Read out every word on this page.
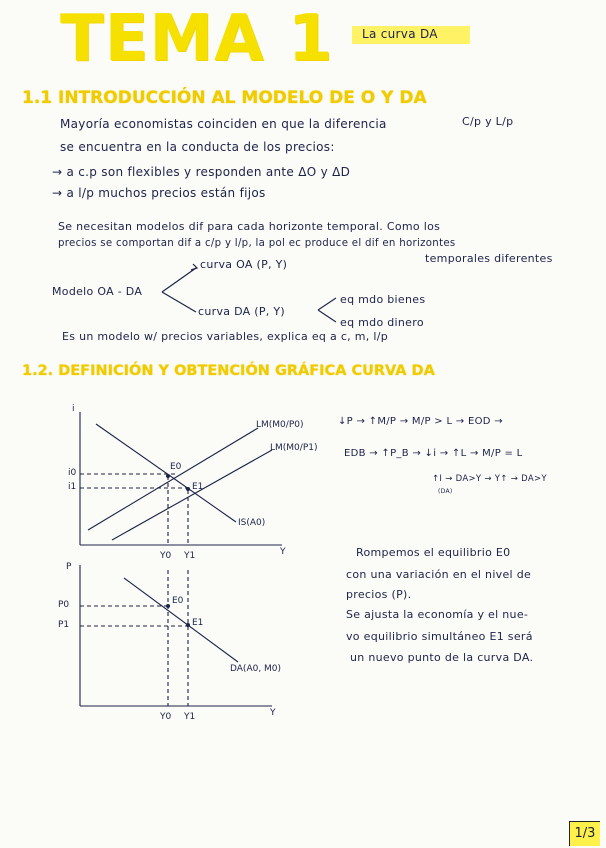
TEMA 1 La curva DA
1.1 INTRODUCCIÓN AL MODELO DE O Y DA
Mayoría economistas coinciden en que la diferencia	C/p y L/p
se encuentra en la conducta de los precios:
→ a c.p son flexibles y responden ante ΔO y ΔD
→ a l/p muchos precios están fijos
Se necesitan modelos dif para cada horizonte temporal. Como los
precios se comportan dif a c/p y l/p, la pol ec produce el dif en horizontes
temporales diferentes
curva OA (P, Y)
Modelo OA - DA
curva DA (P, Y)
eq mdo bienes
eq mdo dinero
Es un modelo w/ precios variables, explica eq a c, m, l/p
1.2. DEFINICIÓN Y OBTENCIÓN GRÁFICA CURVA DA
↓P → ↑M/P → M/P > L → EOD →
EDB → ↑P_B → ↓i → ↑L → M/P = L
↑I → DA>Y → Y↑ → DA>Y
(DA)
Rompemos el equilibrio E0
con una variación en el nivel de
precios (P).
Se ajusta la economía y el nue-
vo equilibrio simultáneo E1 será
un nuevo punto de la curva DA.
i
Y
LM(M0/P0)
LM(M0/P1)
IS(A0)
E0
E1
i0
i1
Y0 Y1
P
Y
DA(A0, M0)
E0
E1
P0
P1
Y0 Y1
1/3
